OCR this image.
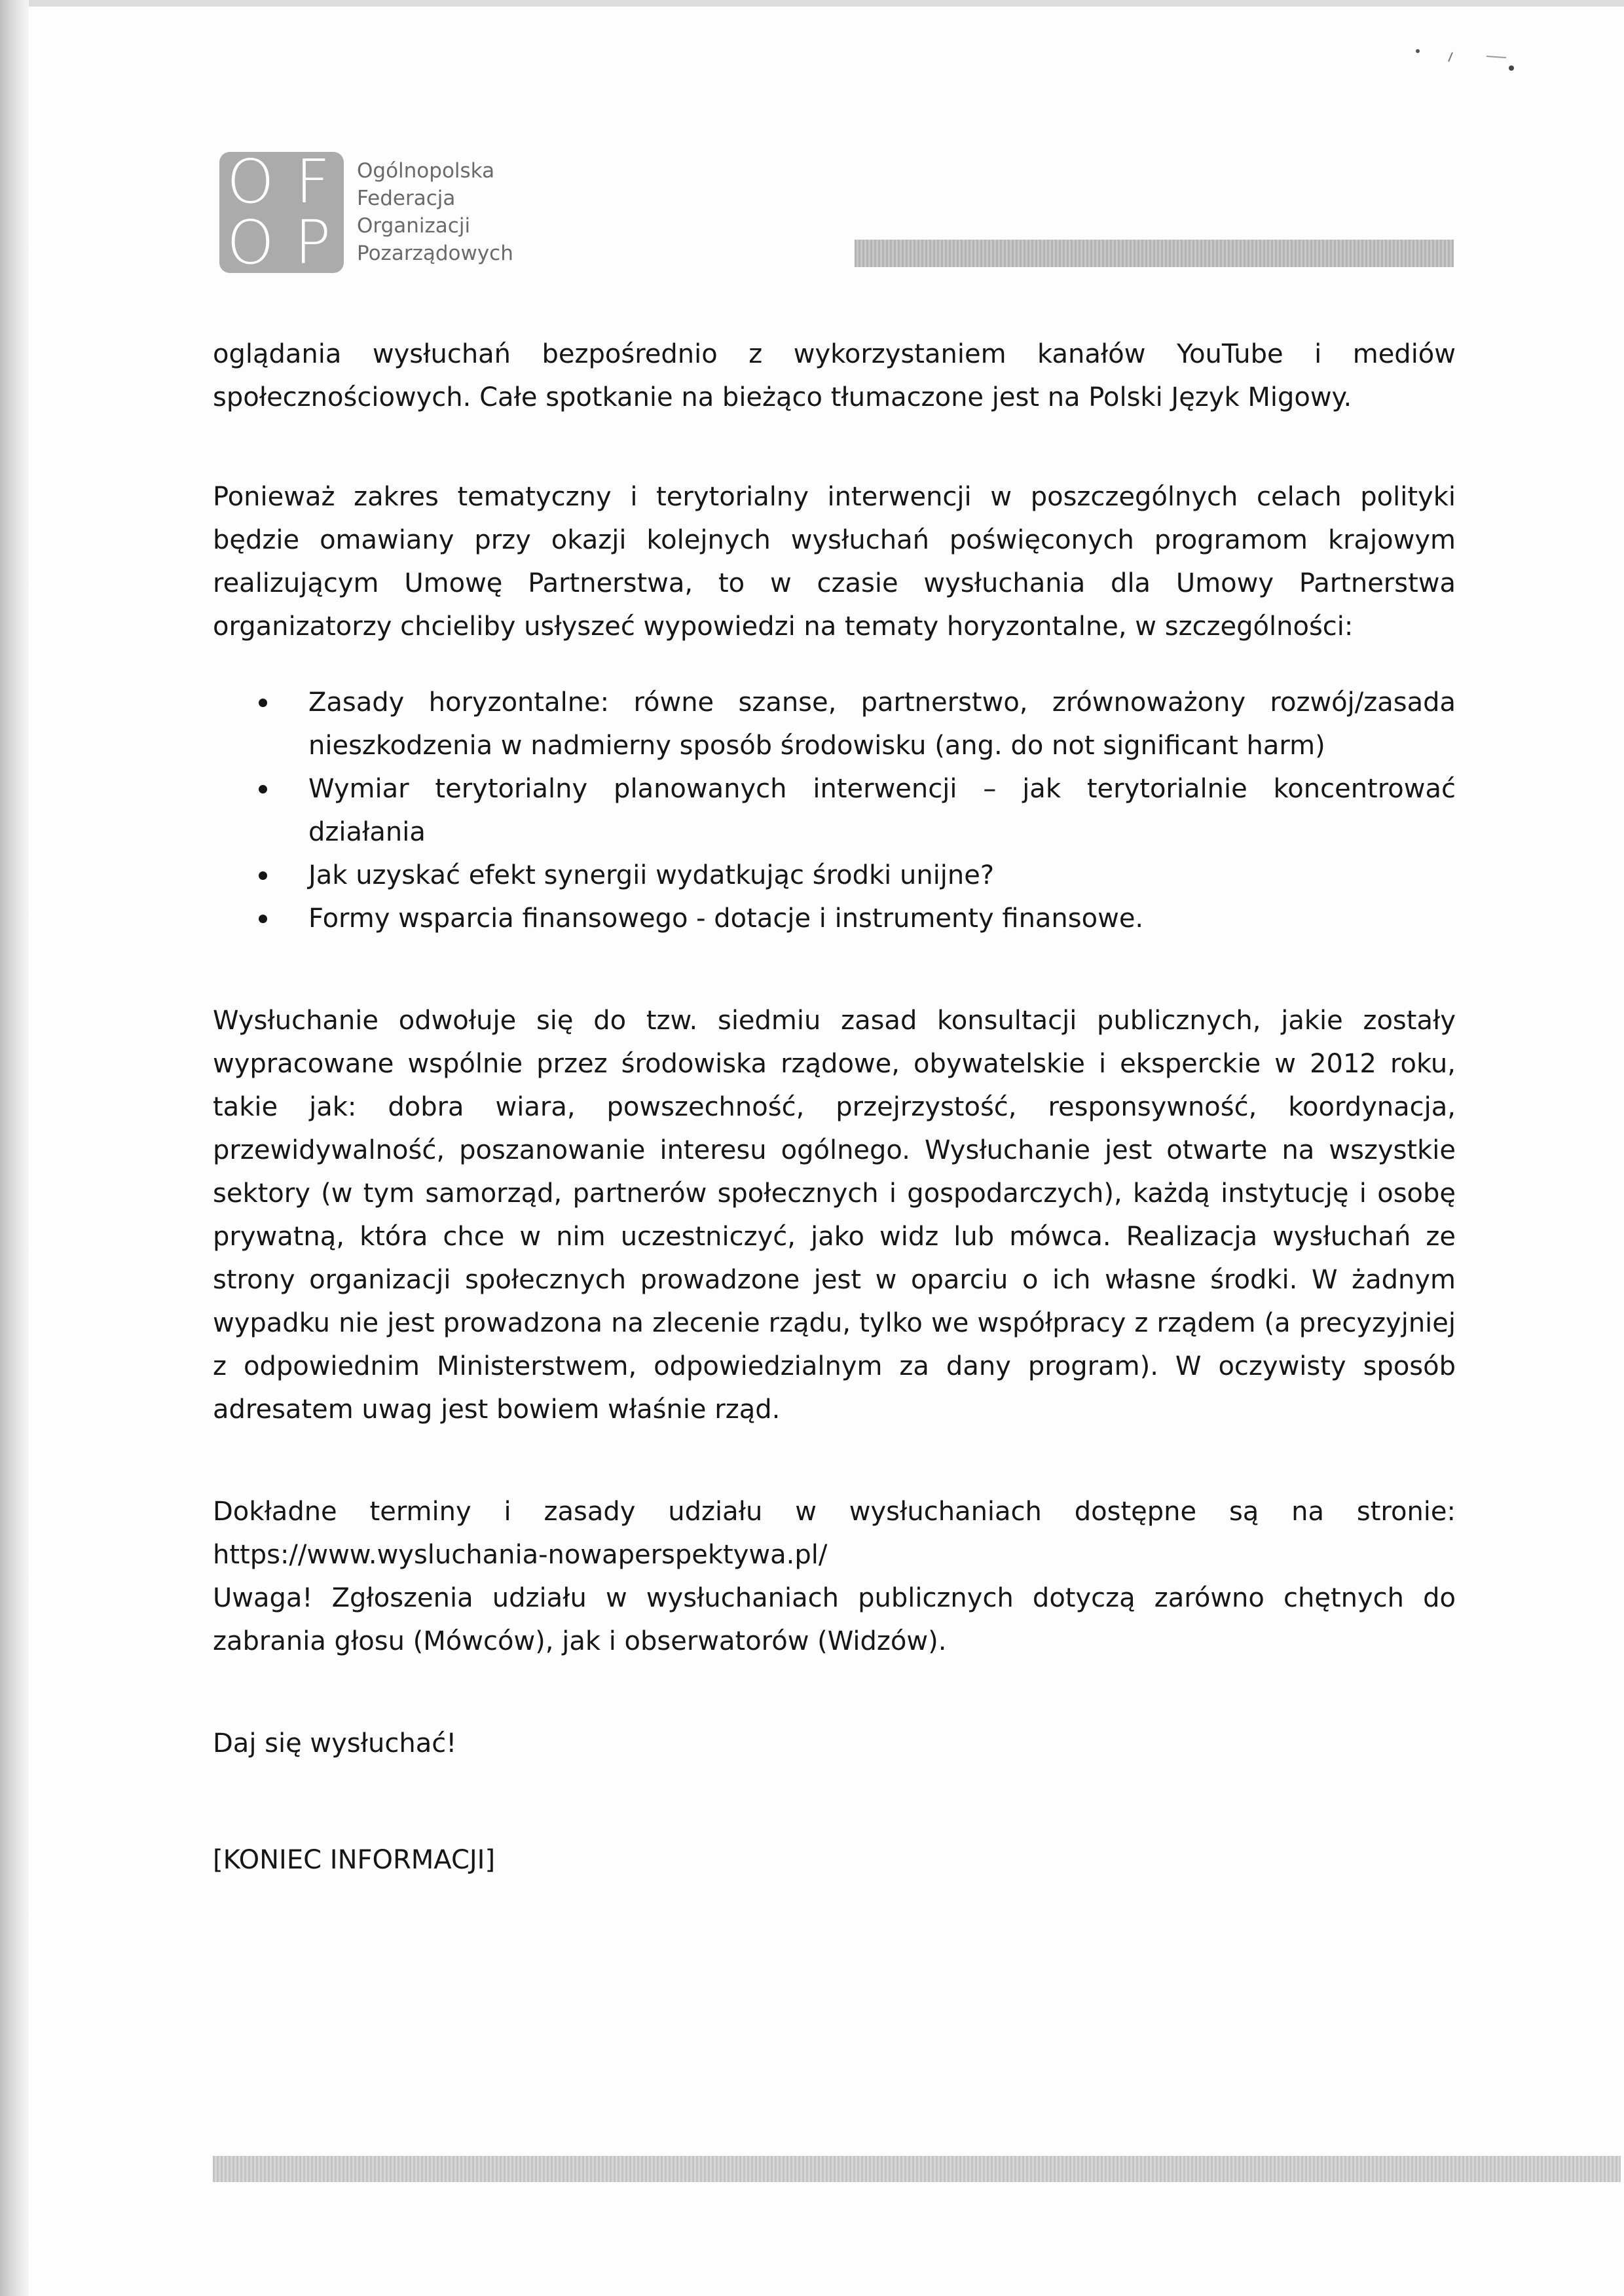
O F
O P
Ogólnopolska
Federacja
Organizacji
Pozarządowych

oglądania wysłuchań bezpośrednio z wykorzystaniem kanałów YouTube i mediów społecznościowych. Całe spotkanie na bieżąco tłumaczone jest na Polski Język Migowy.

Ponieważ zakres tematyczny i terytorialny interwencji w poszczególnych celach polityki będzie omawiany przy okazji kolejnych wysłuchań poświęconych programom krajowym realizującym Umowę Partnerstwa, to w czasie wysłuchania dla Umowy Partnerstwa organizatorzy chcieliby usłyszeć wypowiedzi na tematy horyzontalne, w szczególności:

Zasady horyzontalne: równe szanse, partnerstwo, zrównoważony rozwój/zasada nieszkodzenia w nadmierny sposób środowisku (ang. do not significant harm)
Wymiar terytorialny planowanych interwencji – jak terytorialnie koncentrować działania
Jak uzyskać efekt synergii wydatkując środki unijne?
Formy wsparcia finansowego - dotacje i instrumenty finansowe.

Wysłuchanie odwołuje się do tzw. siedmiu zasad konsultacji publicznych, jakie zostały wypracowane wspólnie przez środowiska rządowe, obywatelskie i eksperckie w 2012 roku, takie jak: dobra wiara, powszechność, przejrzystość, responsywność, koordynacja, przewidywalność, poszanowanie interesu ogólnego. Wysłuchanie jest otwarte na wszystkie sektory (w tym samorząd, partnerów społecznych i gospodarczych), każdą instytucję i osobę prywatną, która chce w nim uczestniczyć, jako widz lub mówca. Realizacja wysłuchań ze strony organizacji społecznych prowadzone jest w oparciu o ich własne środki. W żadnym wypadku nie jest prowadzona na zlecenie rządu, tylko we współpracy z rządem (a precyzyjniej z odpowiednim Ministerstwem, odpowiedzialnym za dany program). W oczywisty sposób adresatem uwag jest bowiem właśnie rząd.

Dokładne terminy i zasady udziału w wysłuchaniach dostępne są na stronie: https://www.wysluchania-nowaperspektywa.pl/

Uwaga! Zgłoszenia udziału w wysłuchaniach publicznych dotyczą zarówno chętnych do zabrania głosu (Mówców), jak i obserwatorów (Widzów).

Daj się wysłuchać!

[KONIEC INFORMACJI]
